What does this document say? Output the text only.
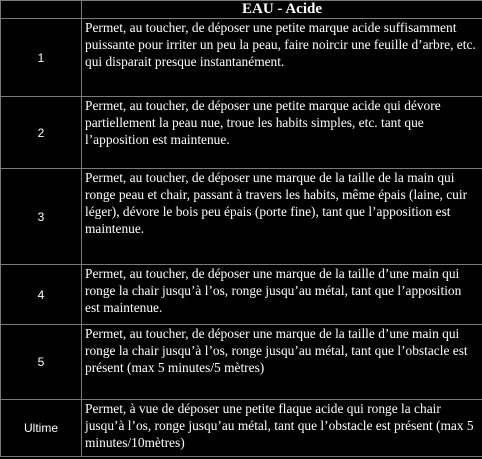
	EAU - Acide
1	Permet, au toucher, de déposer une petite marque acide suffisamment puissante pour irriter un peu la peau, faire noircir une feuille d’arbre, etc. qui disparait presque instantanément.
2	Permet, au toucher, de déposer une petite marque acide qui dévore partiellement la peau nue, troue les habits simples, etc. tant que l’apposition est maintenue.
3	Permet, au toucher, de déposer une marque de la taille de la main qui ronge peau et chair, passant à travers les habits, même épais (laine, cuir léger), dévore le bois peu épais (porte fine), tant que l’apposition est maintenue.
4	Permet, au toucher, de déposer une marque de la taille d’une main qui ronge la chair jusqu’à l’os, ronge jusqu’au métal, tant que l’apposition est maintenue.
5	Permet, au toucher, de déposer une marque de la taille d’une main qui ronge la chair jusqu’à l’os, ronge jusqu’au métal, tant que l’obstacle est présent (max 5 minutes/5 mètres)
Ultime	Permet, à vue de déposer une petite flaque acide qui ronge la chair jusqu’à l’os, ronge jusqu’au métal, tant que l’obstacle est présent (max 5 minutes/10mètres)
